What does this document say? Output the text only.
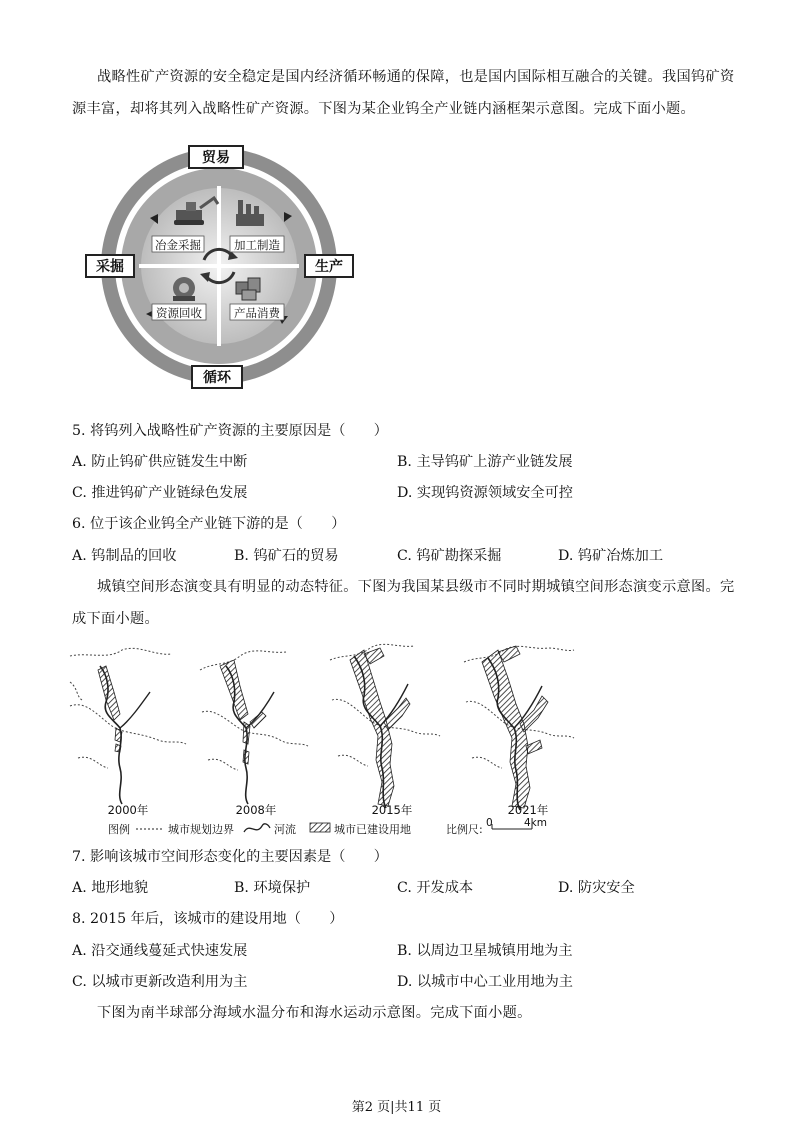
战略性矿产资源的安全稳定是国内经济循环畅通的保障，也是国内国际相互融合的关键。我国钨矿资
源丰富，却将其列入战略性矿产资源。下图为某企业钨全产业链内涵框架示意图。完成下面小题。
冶金采掘	加工制造
资源回收	产品消费
贸易
采掘	生产
循环
5. 将钨列入战略性矿产资源的主要原因是（　　）
A. 防止钨矿供应链发生中断	B. 主导钨矿上游产业链发展
C. 推进钨矿产业链绿色发展	D. 实现钨资源领域安全可控
6. 位于该企业钨全产业链下游的是（　　）
A. 钨制品的回收	B. 钨矿石的贸易	C. 钨矿勘探采掘	D. 钨矿冶炼加工
城镇空间形态演变具有明显的动态特征。下图为我国某县级市不同时期城镇空间形态演变示意图。完
成下面小题。
2000年	2008年	2015年	2021年
图例	城市规划边界	河流	城市已建设用地	比例尺: 0	4km
7. 影响该城市空间形态变化的主要因素是（　　）
A. 地形地貌	B. 环境保护	C. 开发成本	D. 防灾安全
8. 2015 年后，该城市的建设用地（　　）
A. 沿交通线蔓延式快速发展	B. 以周边卫星城镇用地为主
C. 以城市更新改造利用为主	D. 以城市中心工业用地为主
下图为南半球部分海域水温分布和海水运动示意图。完成下面小题。
第2 页|共11 页
